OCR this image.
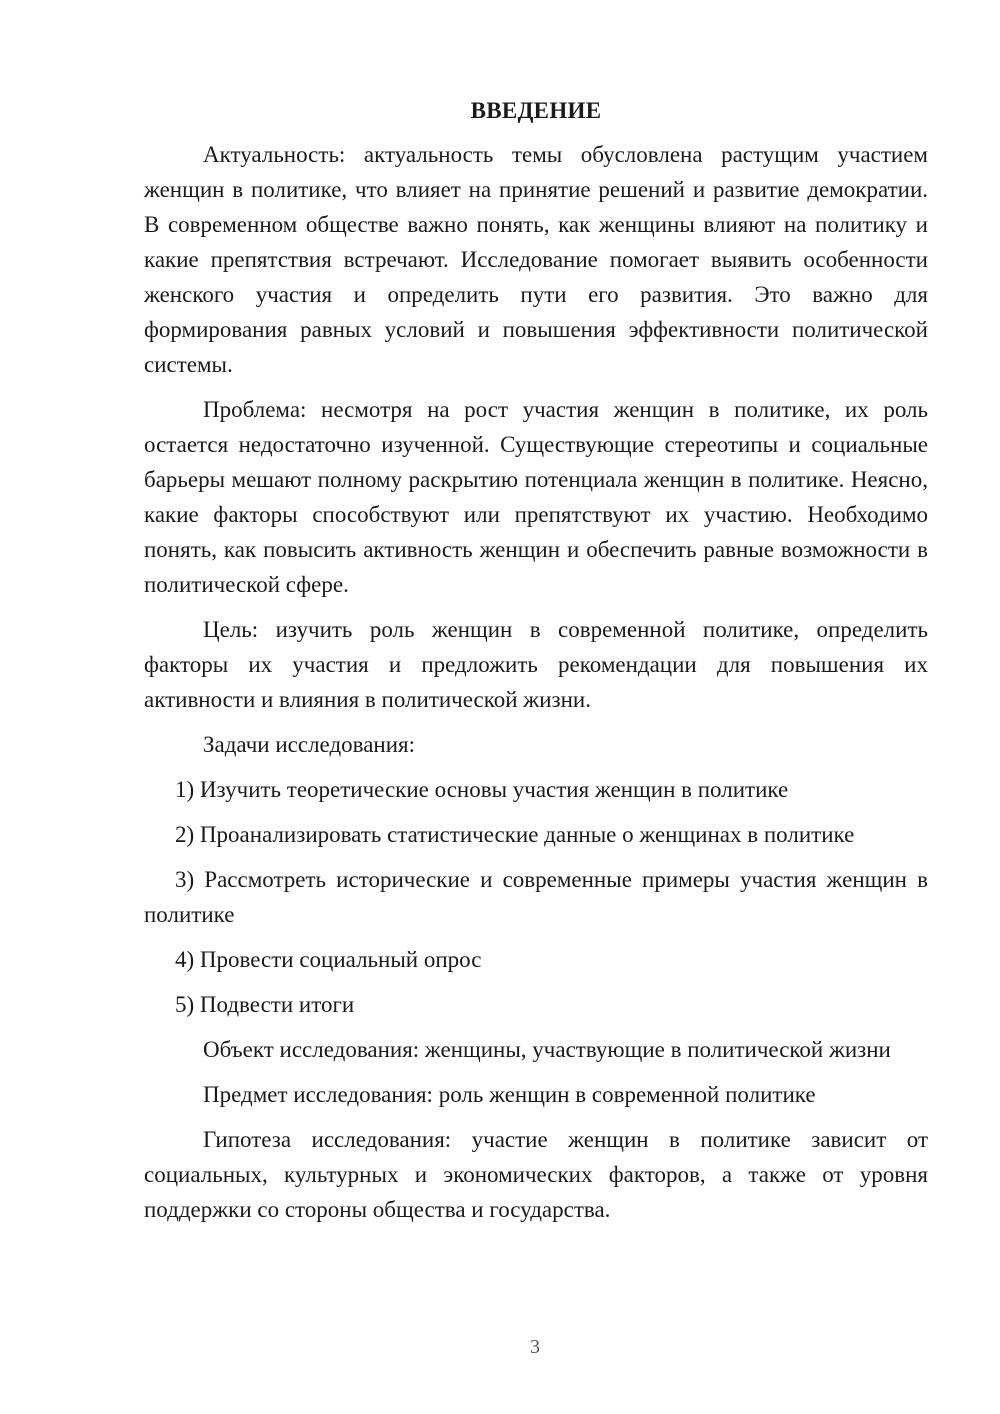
ВВЕДЕНИЕ

Актуальность: актуальность темы обусловлена растущим участием женщин в политике, что влияет на принятие решений и развитие демократии. В современном обществе важно понять, как женщины влияют на политику и какие препятствия встречают. Исследование помогает выявить особенности женского участия и определить пути его развития. Это важно для формирования равных условий и повышения эффективности политической системы.

Проблема: несмотря на рост участия женщин в политике, их роль остается недостаточно изученной. Существующие стереотипы и социальные барьеры мешают полному раскрытию потенциала женщин в политике. Неясно, какие факторы способствуют или препятствуют их участию. Необходимо понять, как повысить активность женщин и обеспечить равные возможности в политической сфере.

Цель: изучить роль женщин в современной политике, определить факторы их участия и предложить рекомендации для повышения их активности и влияния в политической жизни.

Задачи исследования:

1) Изучить теоретические основы участия женщин в политике

2) Проанализировать статистические данные о женщинах в политике

3) Рассмотреть исторические и современные примеры участия женщин в политике

4) Провести социальный опрос

5) Подвести итоги

Объект исследования: женщины, участвующие в политической жизни

Предмет исследования: роль женщин в современной политике

Гипотеза исследования: участие женщин в политике зависит от социальных, культурных и экономических факторов, а также от уровня поддержки со стороны общества и государства.

3
